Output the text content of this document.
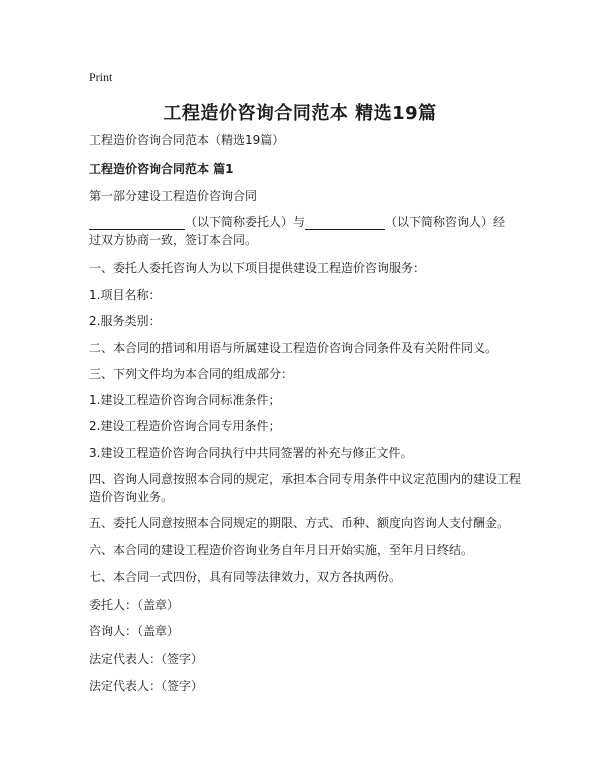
Print
工程造价咨询合同范本 精选19篇
工程造价咨询合同范本（精选19篇）
工程造价咨询合同范本 篇1
第一部分建设工程造价咨询合同
（以下简称委托人）与	（以下简称咨询人）经
过双方协商一致，签订本合同。
一、委托人委托咨询人为以下项目提供建设工程造价咨询服务：
1.项目名称：
2.服务类别：
二、本合同的措词和用语与所属建设工程造价咨询合同条件及有关附件同义。
三、下列文件均为本合同的组成部分：
1.建设工程造价咨询合同标准条件；
2.建设工程造价咨询合同专用条件；
3.建设工程造价咨询合同执行中共同签署的补充与修正文件。
四、咨询人同意按照本合同的规定，承担本合同专用条件中议定范围内的建设工程
造价咨询业务。
五、委托人同意按照本合同规定的期限、方式、币种、额度向咨询人支付酬金。
六、本合同的建设工程造价咨询业务自年月日开始实施，至年月日终结。
七、本合同一式四份，具有同等法律效力，双方各执两份。
委托人：（盖章）
咨询人：（盖章）
法定代表人：（签字）
法定代表人：（签字）
